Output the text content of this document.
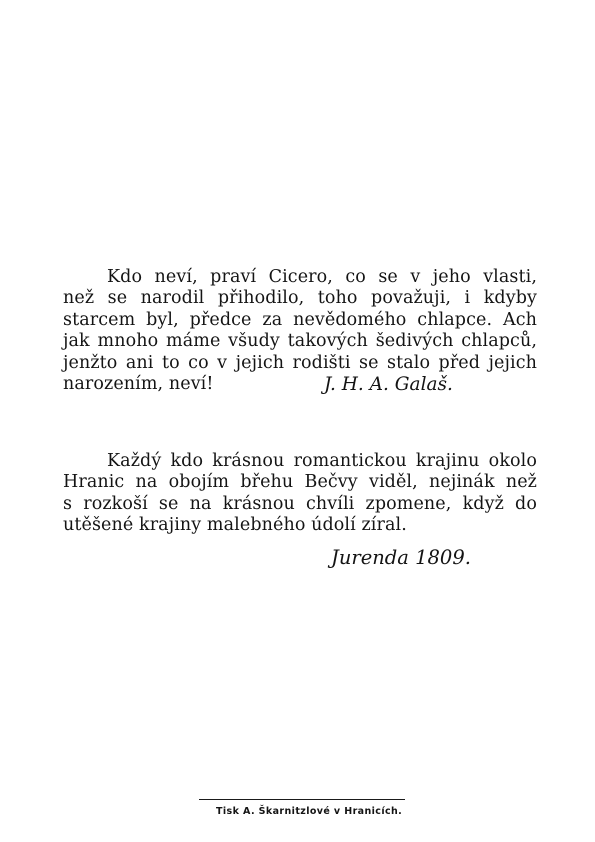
Kdo neví, praví Cicero, co se v jeho vlasti,
než se narodil přihodilo, toho považuji, i kdyby
starcem byl, předce za nevědomého chlapce. Ach
jak mnoho máme všudy takových šedivých chlapců,
jenžto ani to co v jejich rodišti se stalo před jejich
narozením, neví!	J. H. A. Galaš.
Každý kdo krásnou romantickou krajinu okolo
Hranic na obojím břehu Bečvy viděl, nejinák než
s rozkoší se na krásnou chvíli zpomene, když do
utěšené krajiny malebného údolí zíral.
Jurenda 1809.
Tisk A. Škarnitzlové v Hranicích.
